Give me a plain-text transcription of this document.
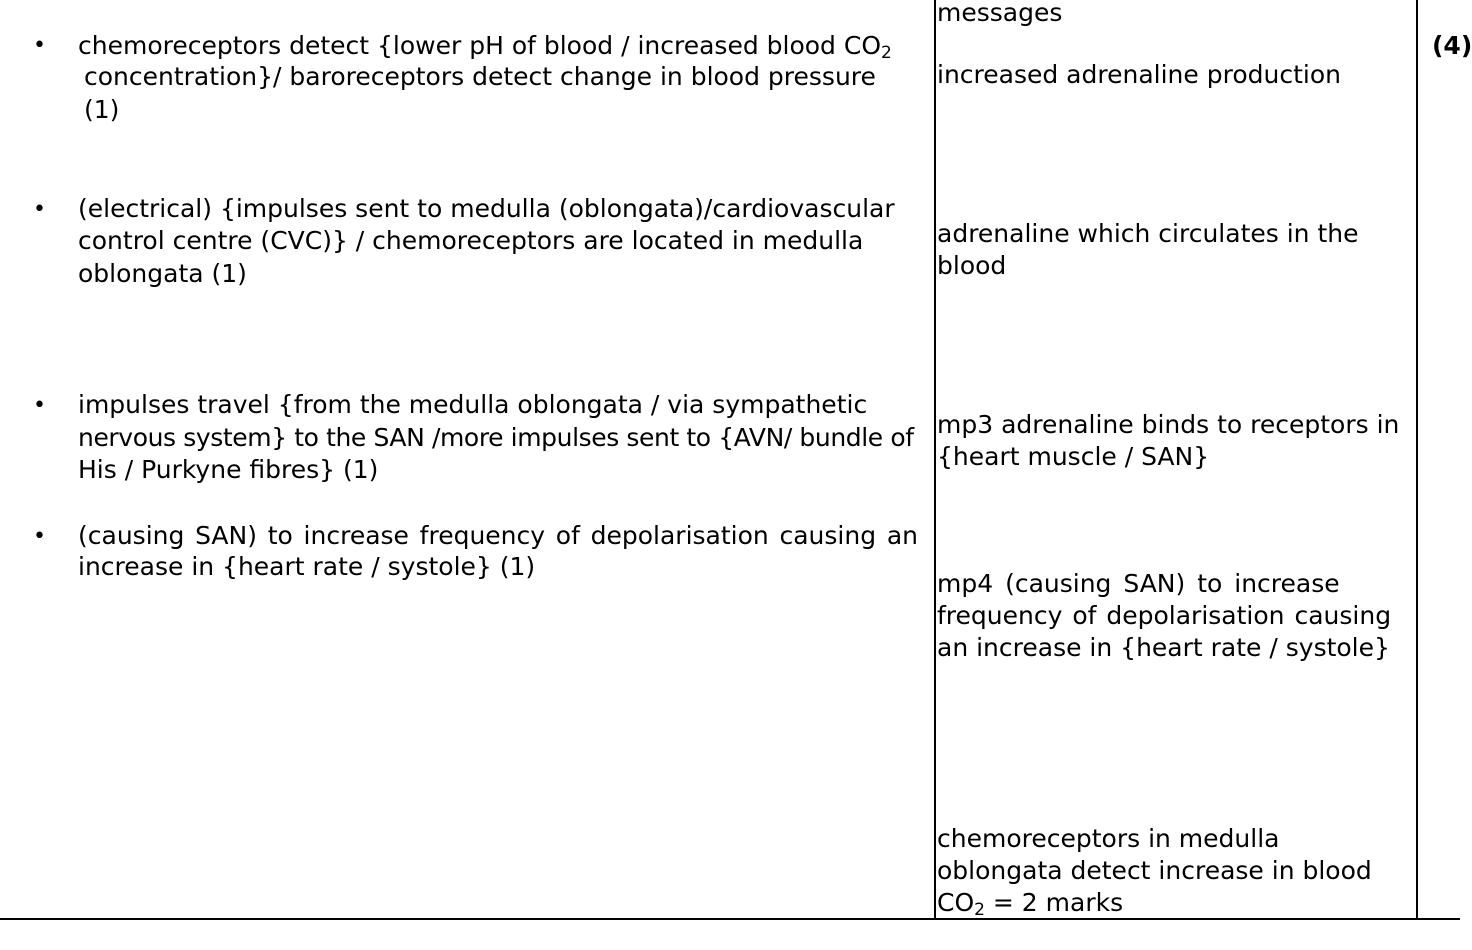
• chemoreceptors detect {lower pH of blood / increased blood $CO_2$

concentration}/ baroreceptors detect change in blood pressure

(1)

• (electrical) {impulses sent to medulla (oblongata)/cardiovascular

control centre (CVC)} / chemoreceptors are located in medulla

oblongata (1)

• impulses travel {from the medulla oblongata / via sympathetic

nervous system} to the SAN /more impulses sent to {AVN/ bundle of

His / Purkyne fibres} (1)

• (causing SAN) to increase frequency of depolarisation causing an

increase in {heart rate / systole} (1)

messages

increased adrenaline production

adrenaline which circulates in the

blood

mp3 adrenaline binds to receptors in

{heart muscle / SAN}

mp4 (causing SAN) to increase

frequency of depolarisation causing

an increase in {heart rate / systole}

chemoreceptors in medulla

oblongata detect increase in blood

$CO_2 = 2$ marks

(4)
